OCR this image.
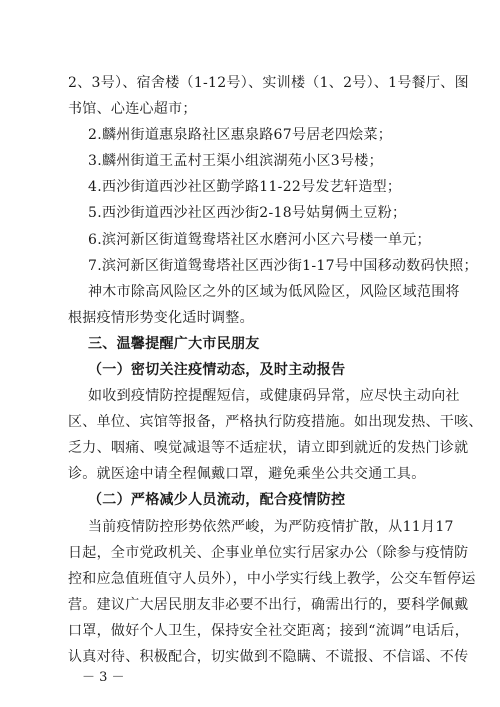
2、3号）、宿舍楼（1-12号）、实训楼（1、2号）、1号餐厅、图
书馆、心连心超市；
2.麟州街道惠泉路社区惠泉路67号居老四烩菜；
3.麟州街道王孟村王渠小组滨湖苑小区3号楼；
4.西沙街道西沙社区勤学路11-22号发艺轩造型；
5.西沙街道西沙社区西沙街2-18号姑舅俩土豆粉；
6.滨河新区街道鸳鸯塔社区水磨河小区六号楼一单元；
7.滨河新区街道鸳鸯塔社区西沙街1-17号中国移动数码快照；
神木市除高风险区之外的区域为低风险区，风险区域范围将
根据疫情形势变化适时调整。
三、温馨提醒广大市民朋友
（一）密切关注疫情动态，及时主动报告
如收到疫情防控提醒短信，或健康码异常，应尽快主动向社
区、单位、宾馆等报备，严格执行防疫措施。如出现发热、干咳、
乏力、咽痛、嗅觉减退等不适症状，请立即到就近的发热门诊就
诊。就医途中请全程佩戴口罩，避免乘坐公共交通工具。
（二）严格减少人员流动，配合疫情防控
当前疫情防控形势依然严峻，为严防疫情扩散，从11月17
日起，全市党政机关、企事业单位实行居家办公（除参与疫情防
控和应急值班值守人员外），中小学实行线上教学，公交车暂停运
营。建议广大居民朋友非必要不出行，确需出行的，要科学佩戴
口罩，做好个人卫生，保持安全社交距离；接到“流调”电话后，
认真对待、积极配合，切实做到不隐瞒、不谎报、不信谣、不传
－ 3 －
